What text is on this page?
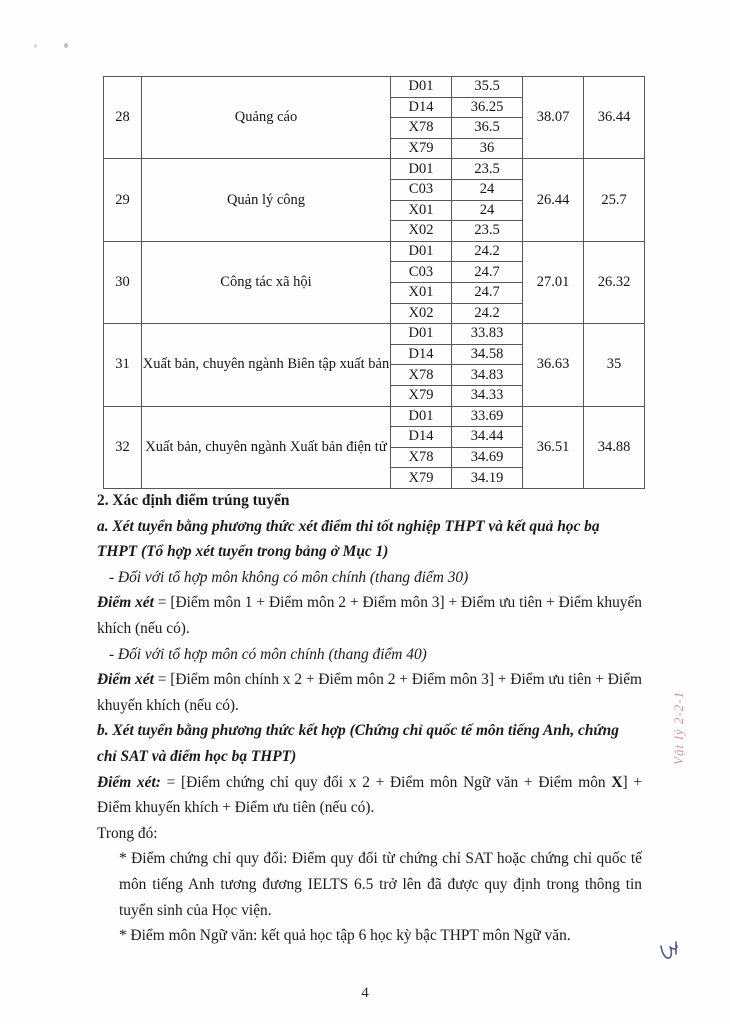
28	Quảng cáo	D01	35.5	38.07	36.44
		D14	36.25		
		X78	36.5		
		X79	36		
29	Quản lý công	D01	23.5	26.44	25.7
		C03	24		
		X01	24		
		X02	23.5		
30	Công tác xã hội	D01	24.2	27.01	26.32
		C03	24.7		
		X01	24.7		
		X02	24.2		
31	Xuất bản, chuyên ngành Biên tập xuất bản	D01	33.83	36.63	35
		D14	34.58		
		X78	34.83		
		X79	34.33		
32	Xuất bản, chuyên ngành Xuất bản điện tử	D01	33.69	36.51	34.88
		D14	34.44		
		X78	34.69		
		X79	34.19		

2. Xác định điểm trúng tuyển

a. Xét tuyển bằng phương thức xét điểm thi tốt nghiệp THPT và kết quả học bạ

THPT (Tổ hợp xét tuyển trong bảng ở Mục 1)

- Đối với tổ hợp môn không có môn chính (thang điểm 30)

Điểm xét = [Điểm môn 1 + Điểm môn 2 + Điểm môn 3] + Điểm ưu tiên + Điểm khuyến khích (nếu có).

- Đối với tổ hợp môn có môn chính (thang điểm 40)

Điểm xét = [Điểm môn chính x 2 + Điểm môn 2 + Điểm môn 3] + Điểm ưu tiên + Điểm khuyến khích (nếu có).

b. Xét tuyển bằng phương thức kết hợp (Chứng chỉ quốc tế môn tiếng Anh, chứng

chỉ SAT và điểm học bạ THPT)

Điểm xét: = [Điểm chứng chỉ quy đổi x 2 + Điểm môn Ngữ văn + Điểm môn X] + Điểm khuyến khích + Điểm ưu tiên (nếu có).

Trong đó:

* Điểm chứng chỉ quy đổi: Điểm quy đổi từ chứng chỉ SAT hoặc chứng chỉ quốc tế môn tiếng Anh tương đương IELTS 6.5 trở lên đã được quy định trong thông tin tuyển sinh của Học viện.

* Điểm môn Ngữ văn: kết quả học tập 6 học kỳ bậc THPT môn Ngữ văn.

Vật lý 2-2-1
4
